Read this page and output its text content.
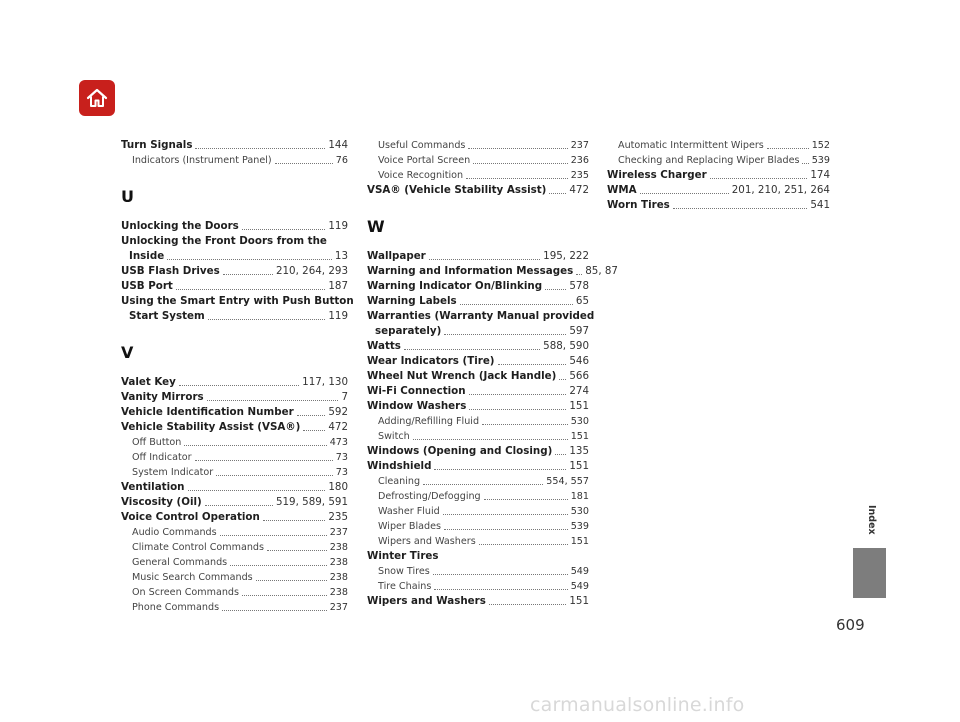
Index
609
carmanualsonline.info
Turn Signals	144
Indicators (Instrument Panel)	76
U
Unlocking the Doors	119
Unlocking the Front Doors from the
Inside	13
USB Flash Drives	210, 264, 293
USB Port	187
Using the Smart Entry with Push Button
Start System	119
V
Valet Key	117, 130
Vanity Mirrors	7
Vehicle Identification Number	592
Vehicle Stability Assist (VSA®)	472
Off Button	473
Off Indicator	73
System Indicator	73
Ventilation	180
Viscosity (Oil)	519, 589, 591
Voice Control Operation	235
Audio Commands	237
Climate Control Commands	238
General Commands	238
Music Search Commands	238
On Screen Commands	238
Phone Commands	237
Useful Commands	237
Voice Portal Screen	236
Voice Recognition	235
VSA® (Vehicle Stability Assist) 472
W
Wallpaper	195, 222
Warning and Information Messages 85, 87
Warning Indicator On/Blinking	578
Warning Labels	65
Warranties (Warranty Manual provided
separately)	597
Watts	588, 590
Wear Indicators (Tire)	546
Wheel Nut Wrench (Jack Handle) 566
Wi-Fi Connection	274
Window Washers	151
Adding/Refilling Fluid	530
Switch	151
Windows (Opening and Closing) 135
Windshield	151
Cleaning	554, 557
Defrosting/Defogging	181
Washer Fluid	530
Wiper Blades	539
Wipers and Washers	151
Winter Tires
Snow Tires	549
Tire Chains	549
Wipers and Washers	151
Automatic Intermittent Wipers	152
Checking and Replacing Wiper Blades 539
Wireless Charger	174
WMA	201, 210, 251, 264
Worn Tires	541
